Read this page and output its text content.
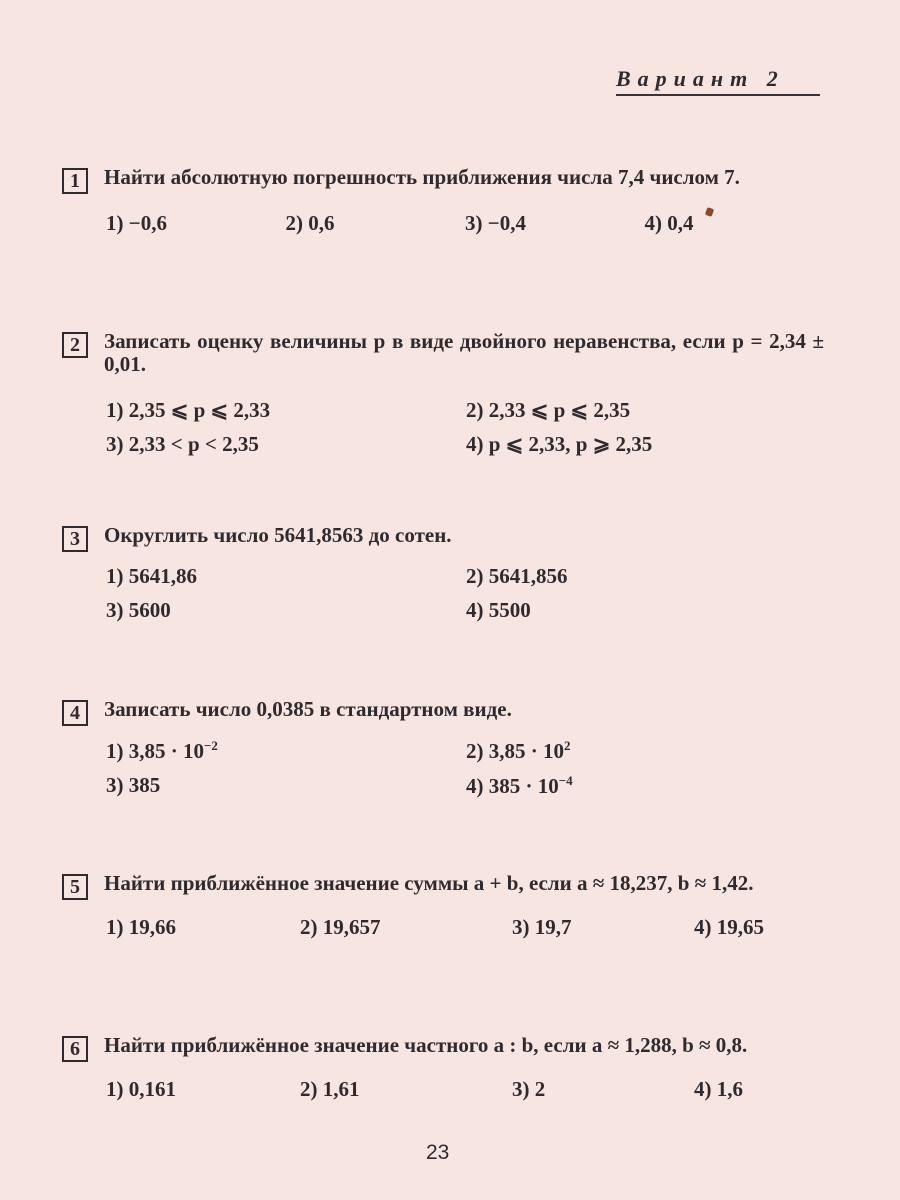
Вариант 2
1	Найти абсолютную погрешность приближения числа 7,4 числом 7.
1) −0,6	2) 0,6	3) −0,4	4) 0,4
2	Записать оценку величины p в виде двойного неравенства, если p = 2,34 ± 0,01.
1) 2,35 ⩽ p ⩽ 2,33	2) 2,33 ⩽ p ⩽ 2,35
3) 2,33 < p < 2,35	4) p ⩽ 2,33, p ⩾ 2,35
3	Округлить число 5641,8563 до сотен.
1) 5641,86	2) 5641,856
3) 5600	4) 5500
4	Записать число 0,0385 в стандартном виде.
1) $3,85 \cdot 10^{-2}$	2) $3,85 \cdot 10^2$
3) 385	4) $385 \cdot 10^{-4}$
5	Найти приближённое значение суммы a + b, если a ≈ 18,237, b ≈ 1,42.
1) 19,66	2) 19,657	3) 19,7	4) 19,65
6	Найти приближённое значение частного a : b, если a ≈ 1,288, b ≈ 0,8.
1) 0,161	2) 1,61	3) 2	4) 1,6
23
